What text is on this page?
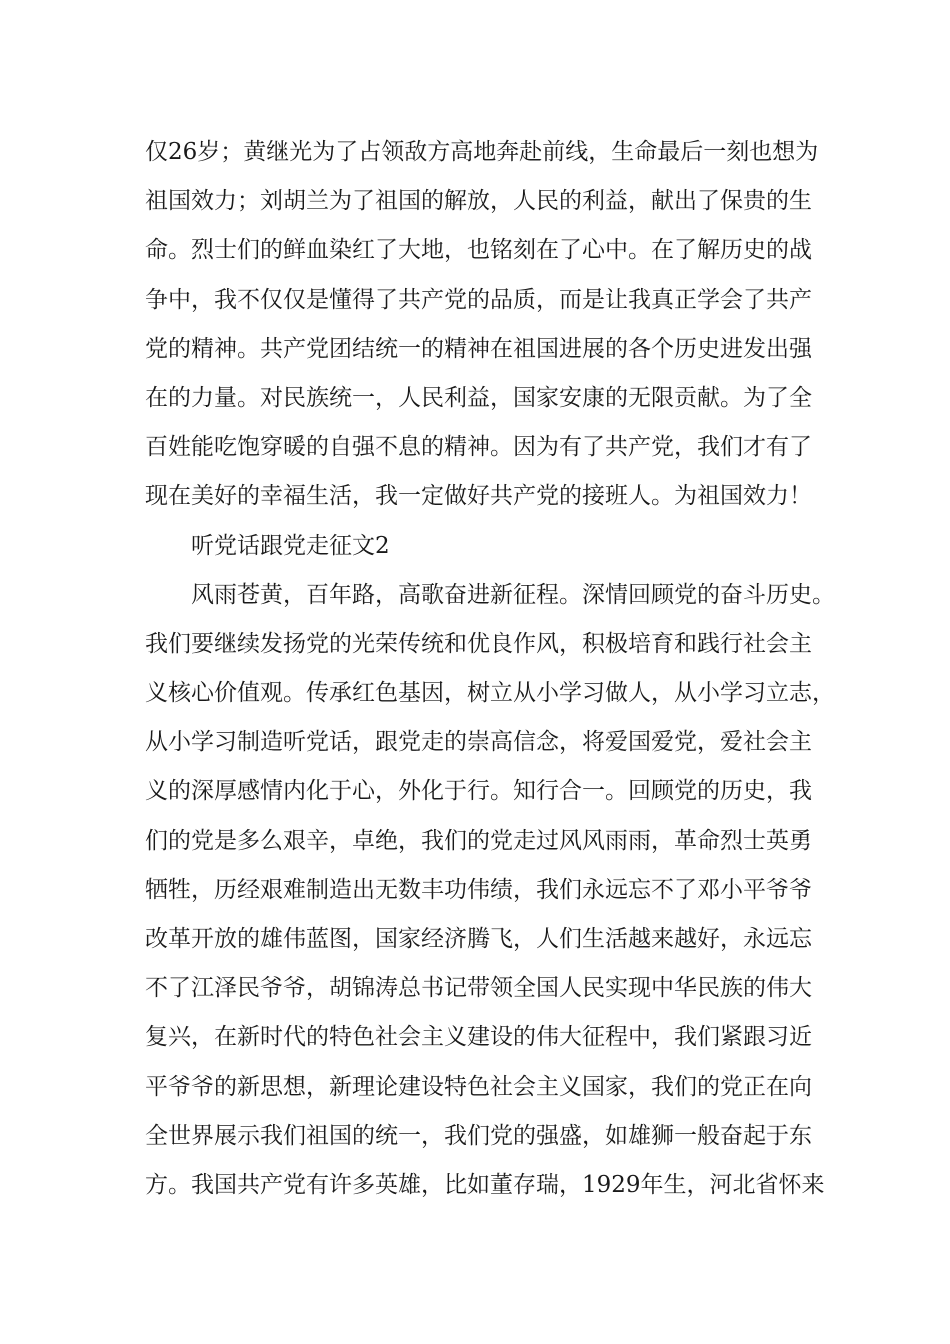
仅26岁；黄继光为了占领敌方高地奔赴前线，生命最后一刻也想为
祖国效力；刘胡兰为了祖国的解放，人民的利益，献出了保贵的生
命。烈士们的鲜血染红了大地，也铭刻在了心中。在了解历史的战
争中，我不仅仅是懂得了共产党的品质，而是让我真正学会了共产
党的精神。共产党团结统一的精神在祖国进展的各个历史进发出强
在的力量。对民族统一，人民利益，国家安康的无限贡献。为了全
百姓能吃饱穿暖的自强不息的精神。因为有了共产党，我们才有了
现在美好的幸福生活，我一定做好共产党的接班人。为祖国效力！
听党话跟党走征文2
风雨苍黄，百年路，高歌奋进新征程。深情回顾党的奋斗历史。
我们要继续发扬党的光荣传统和优良作风，积极培育和践行社会主
义核心价值观。传承红色基因，树立从小学习做人，从小学习立志，
从小学习制造听党话，跟党走的崇高信念，将爱国爱党，爱社会主
义的深厚感情内化于心，外化于行。知行合一。回顾党的历史，我
们的党是多么艰辛，卓绝，我们的党走过风风雨雨，革命烈士英勇
牺牲，历经艰难制造出无数丰功伟绩，我们永远忘不了邓小平爷爷
改革开放的雄伟蓝图，国家经济腾飞，人们生活越来越好，永远忘
不了江泽民爷爷，胡锦涛总书记带领全国人民实现中华民族的伟大
复兴，在新时代的特色社会主义建设的伟大征程中，我们紧跟习近
平爷爷的新思想，新理论建设特色社会主义国家，我们的党正在向
全世界展示我们祖国的统一，我们党的强盛，如雄狮一般奋起于东
方。我国共产党有许多英雄，比如董存瑞，1929年生，河北省怀来
